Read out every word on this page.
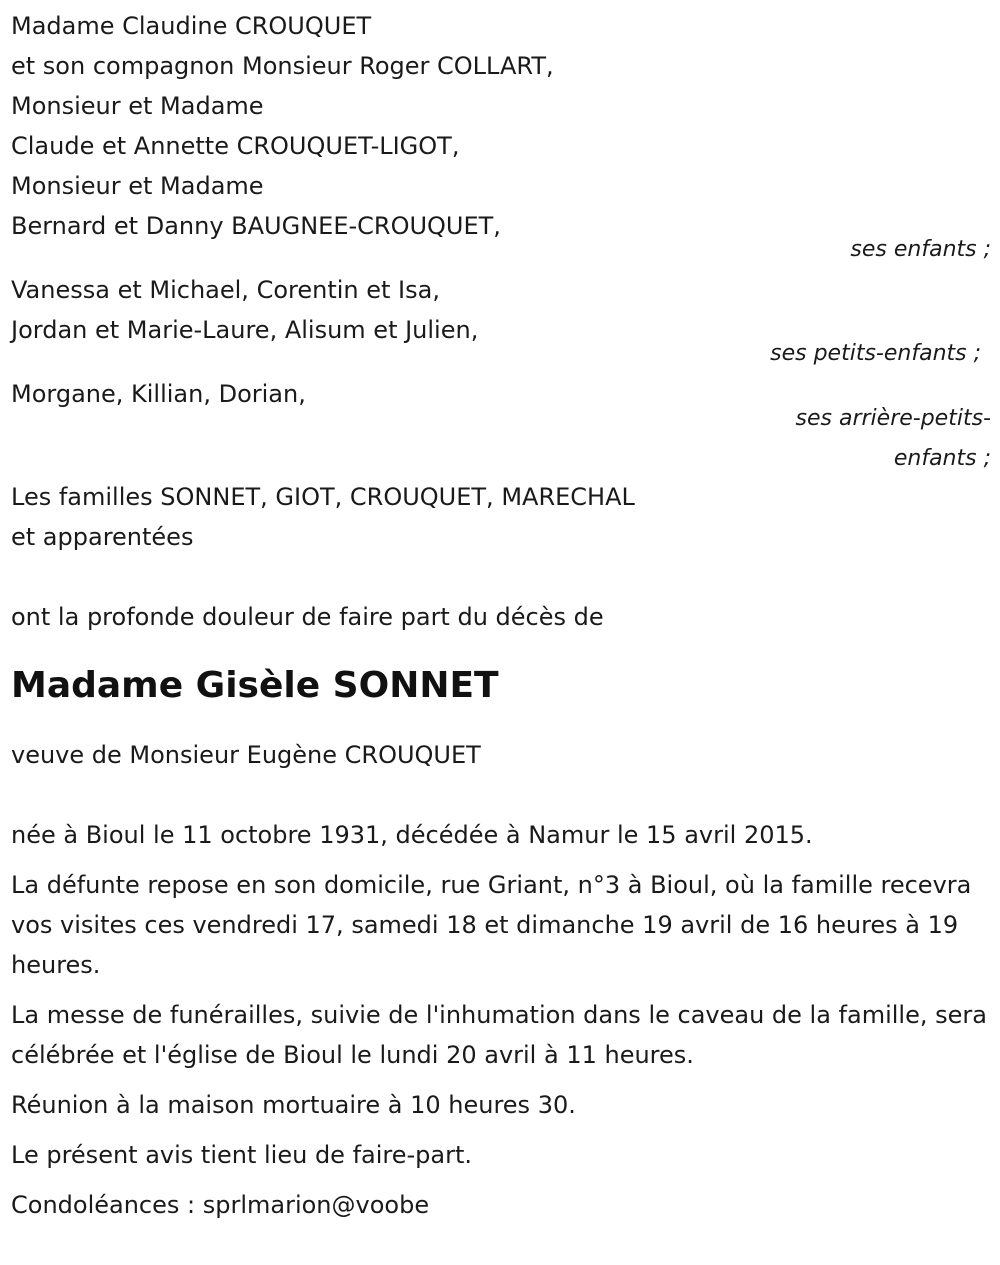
Madame Claudine CROUQUET
et son compagnon Monsieur Roger COLLART,
Monsieur et Madame
Claude et Annette CROUQUET-LIGOT,
Monsieur et Madame
Bernard et Danny BAUGNEE-CROUQUET,
ses enfants ;
Vanessa et Michael, Corentin et Isa,
Jordan et Marie-Laure, Alisum et Julien,
ses petits-enfants ;
Morgane, Killian, Dorian,
ses arrière-petits-
enfants ;
Les familles SONNET, GIOT, CROUQUET, MARECHAL
et apparentées
ont la profonde douleur de faire part du décès de
Madame Gisèle SONNET
veuve de Monsieur Eugène CROUQUET
née à Bioul le 11 octobre 1931, décédée à Namur le 15 avril 2015.
La défunte repose en son domicile, rue Griant, n°3 à Bioul, où la famille recevra vos visites ces vendredi 17, samedi 18 et dimanche 19 avril de 16 heures à 19 heures.
La messe de funérailles, suivie de l'inhumation dans le caveau de la famille, sera célébrée et l'église de Bioul le lundi 20 avril à 11 heures.
Réunion à la maison mortuaire à 10 heures 30.
Le présent avis tient lieu de faire-part.
Condoléances : sprlmarion@voobe
